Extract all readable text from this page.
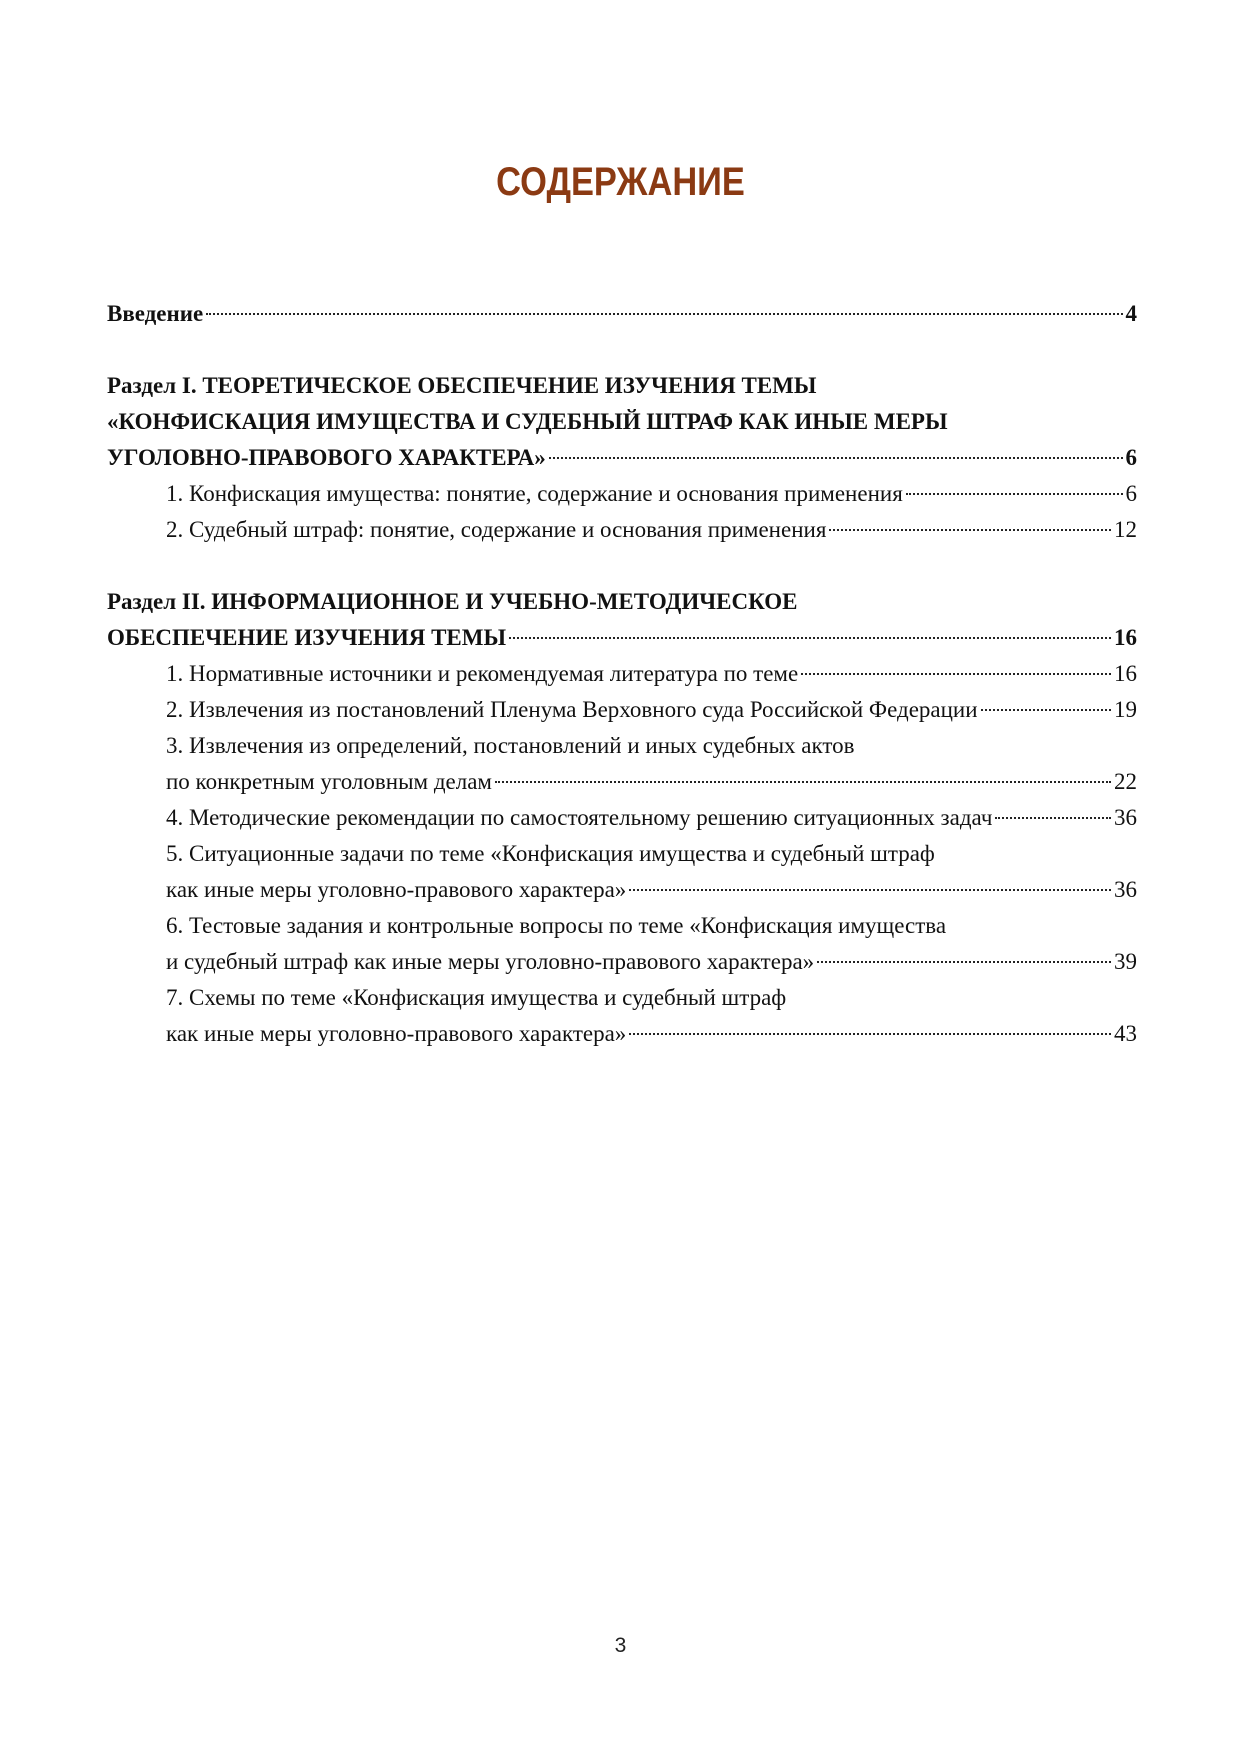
СОДЕРЖАНИЕ
Введение	4
Раздел I. ТЕОРЕТИЧЕСКОЕ ОБЕСПЕЧЕНИЕ ИЗУЧЕНИЯ ТЕМЫ
«КОНФИСКАЦИЯ ИМУЩЕСТВА И СУДЕБНЫЙ ШТРАФ КАК ИНЫЕ МЕРЫ
УГОЛОВНО-ПРАВОВОГО ХАРАКТЕРА»	6
1. Конфискация имущества: понятие, содержание и основания применения	6
2. Судебный штраф: понятие, содержание и основания применения	12
Раздел II. ИНФОРМАЦИОННОЕ И УЧЕБНО-МЕТОДИЧЕСКОЕ
ОБЕСПЕЧЕНИЕ ИЗУЧЕНИЯ ТЕМЫ	16
1. Нормативные источники и рекомендуемая литература по теме	16
2. Извлечения из постановлений Пленума Верховного суда Российской Федерации	19
3. Извлечения из определений, постановлений и иных судебных актов
по конкретным уголовным делам	22
4. Методические рекомендации по самостоятельному решению ситуационных задач	36
5. Ситуационные задачи по теме «Конфискация имущества и судебный штраф
как иные меры уголовно-правового характера»	36
6. Тестовые задания и контрольные вопросы по теме «Конфискация имущества
и судебный штраф как иные меры уголовно-правового характера»	39
7. Схемы по теме «Конфискация имущества и судебный штраф
как иные меры уголовно-правового характера»	43
3
